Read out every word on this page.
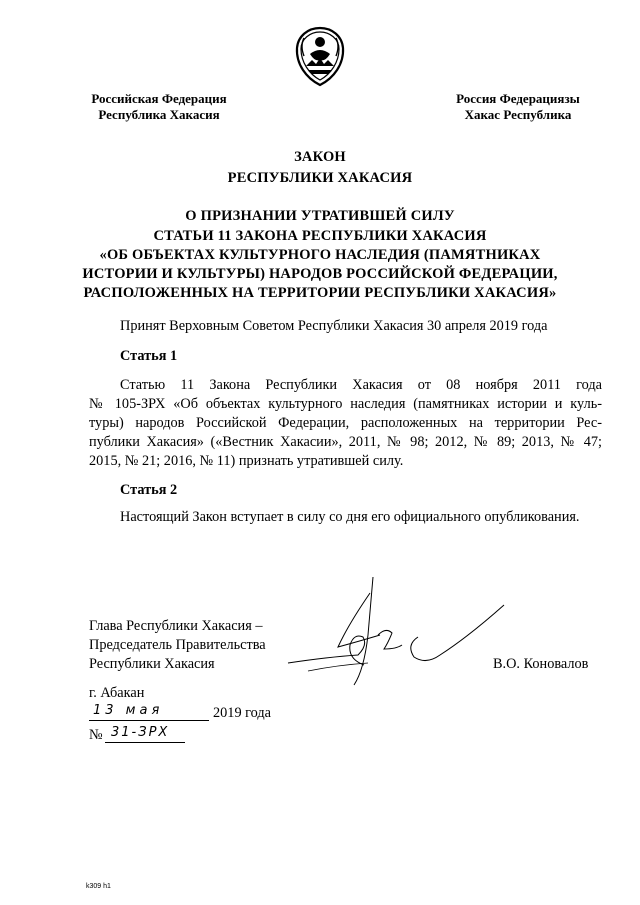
Российская Федерация
Республика Хакасия
Россия Федерациязы
Хакас Республика
ЗАКОН
РЕСПУБЛИКИ ХАКАСИЯ
О ПРИЗНАНИИ УТРАТИВШЕЙ СИЛУ
СТАТЬИ 11 ЗАКОНА РЕСПУБЛИКИ ХАКАСИЯ
«ОБ ОБЪЕКТАХ КУЛЬТУРНОГО НАСЛЕДИЯ (ПАМЯТНИКАХ
ИСТОРИИ И КУЛЬТУРЫ) НАРОДОВ РОССИЙСКОЙ ФЕДЕРАЦИИ,
РАСПОЛОЖЕННЫХ НА ТЕРРИТОРИИ РЕСПУБЛИКИ ХАКАСИЯ»
Принят Верховным Советом Республики Хакасия 30 апреля 2019 года
Статья 1
Статью 11 Закона Республики Хакасия от 08 ноября 2011 года
№ 105-ЗРХ «Об объектах культурного наследия (памятниках истории и куль-
туры) народов Российской Федерации, расположенных на территории Рес-
публики Хакасия» («Вестник Хакасии», 2011, № 98; 2012, № 89; 2013, № 47;
2015, № 21; 2016, № 11) признать утратившей силу.
Статья 2
Настоящий Закон вступает в силу со дня его официального опубликования.
Глава Республики Хакасия –
Председатель Правительства
Республики Хакасия	В.О. Коновалов
г. Абакан
13 мая	2019 года
№ 31-ЗРХ
k309 h1
